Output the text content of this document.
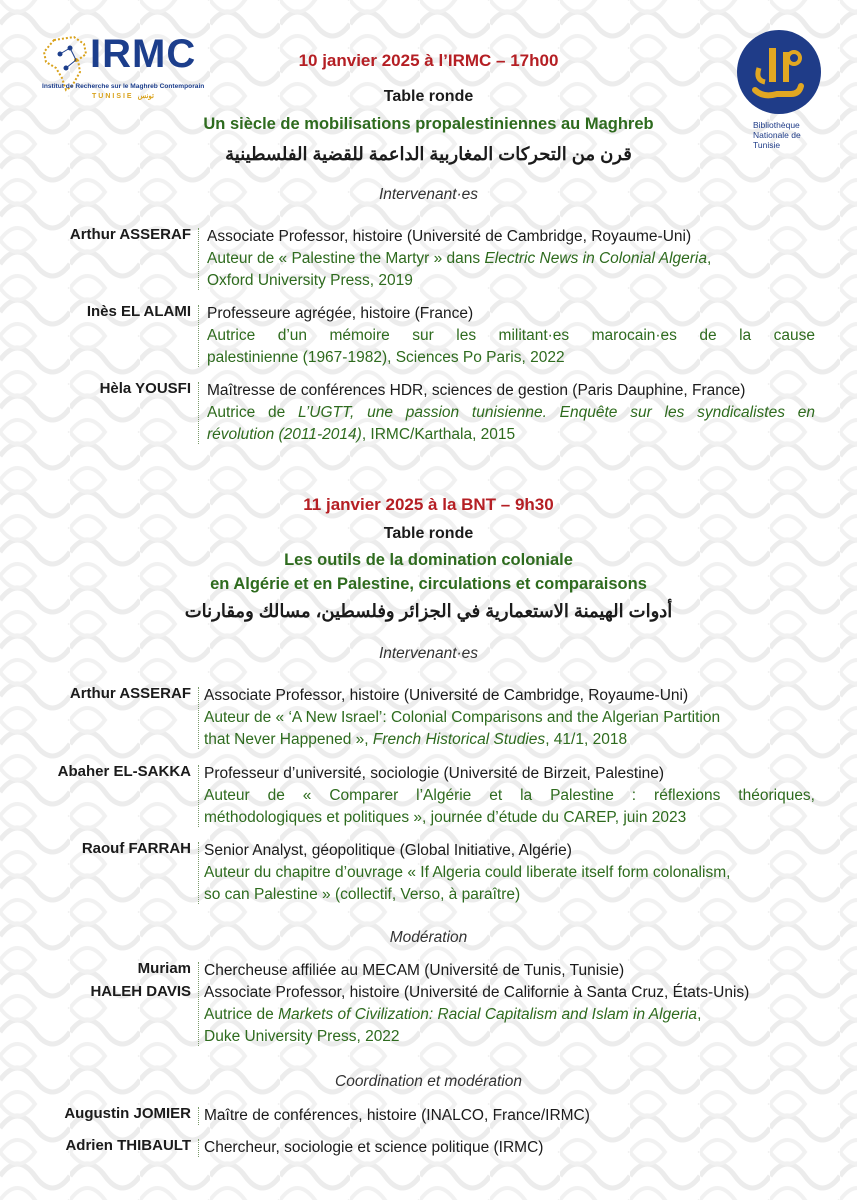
IRMC
Institut de Recherche sur le Maghreb Contemporain
TUNISIE تونس
Bibliothèque Nationale de Tunisie
10 janvier 2025 à l’IRMC – 17h00
Table ronde
Un siècle de mobilisations propalestiniennes au Maghreb
قرن من التحركات المغاربية الداعمة للقضية الفلسطينية
Intervenant·es
Arthur ASSERAF Associate Professor, histoire (Université de Cambridge, Royaume-Uni)
Auteur de « Palestine the Martyr » dans Electric News in Colonial Algeria,
Oxford University Press, 2019
Inès EL ALAMI Professeure agrégée, histoire (France)
Autrice d’un mémoire sur les militant·es marocain·es de la cause
palestinienne (1967-1982), Sciences Po Paris, 2022
Hèla YOUSFI Maîtresse de conférences HDR, sciences de gestion (Paris Dauphine, France)
Autrice de L’UGTT, une passion tunisienne. Enquête sur les syndicalistes en
révolution (2011-2014), IRMC/Karthala, 2015
11 janvier 2025 à la BNT – 9h30
Table ronde
Les outils de la domination coloniale
en Algérie et en Palestine, circulations et comparaisons
أدوات الهيمنة الاستعمارية في الجزائر وفلسطين، مسالك ومقارنات
Intervenant·es
Arthur ASSERAF Associate Professor, histoire (Université de Cambridge, Royaume-Uni)
Auteur de « ‘A New Israel’: Colonial Comparisons and the Algerian Partition
that Never Happened », French Historical Studies, 41/1, 2018
Abaher EL-SAKKA Professeur d’université, sociologie (Université de Birzeit, Palestine)
Auteur de « Comparer l’Algérie et la Palestine : réflexions théoriques,
méthodologiques et politiques », journée d’étude du CAREP, juin 2023
Raouf FARRAH Senior Analyst, géopolitique (Global Initiative, Algérie)
Auteur du chapitre d’ouvrage « If Algeria could liberate itself form colonalism,
so can Palestine » (collectif, Verso, à paraître)
Modération
Muriam
HALEH DAVIS
Chercheuse affiliée au MECAM (Université de Tunis, Tunisie)
Associate Professor, histoire (Université de Californie à Santa Cruz, États-Unis)
Autrice de Markets of Civilization: Racial Capitalism and Islam in Algeria,
Duke University Press, 2022
Coordination et modération
Augustin JOMIER Maître de conférences, histoire (INALCO, France/IRMC)
Adrien THIBAULT Chercheur, sociologie et science politique (IRMC)
